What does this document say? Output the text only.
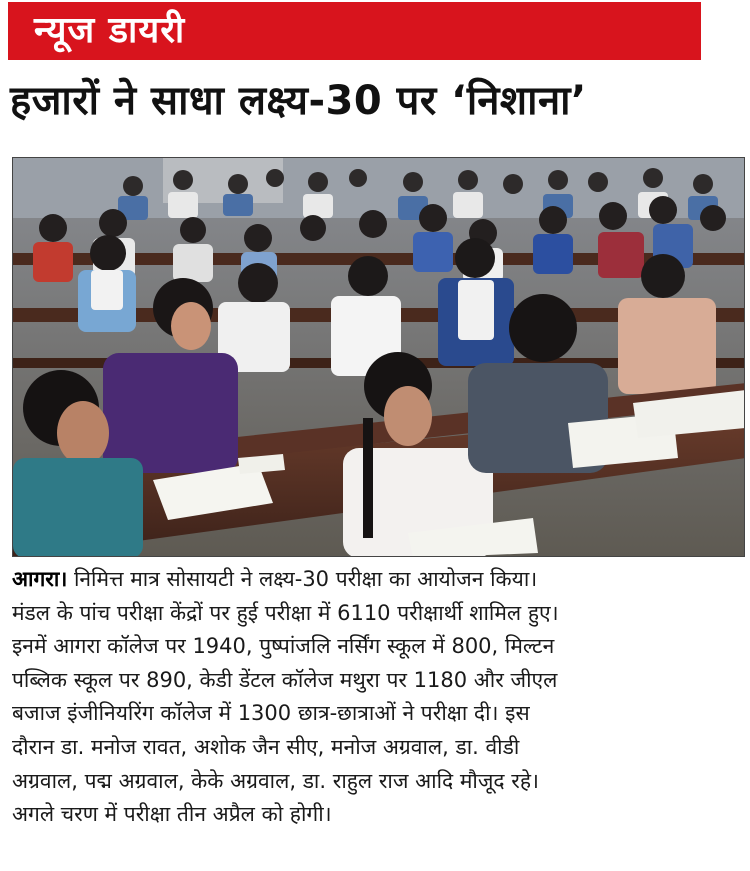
न्यूज डायरी
हजारों ने साधा लक्ष्य-30 पर ‘निशाना’
आगरा। निमित्त मात्र सोसायटी ने लक्ष्य-30 परीक्षा का आयोजन किया।
मंडल के पांच परीक्षा केंद्रों पर हुई परीक्षा में 6110 परीक्षार्थी शामिल हुए।
इनमें आगरा कॉलेज पर 1940, पुष्पांजलि नर्सिंग स्कूल में 800, मिल्टन
पब्लिक स्कूल पर 890, केडी डेंटल कॉलेज मथुरा पर 1180 और जीएल
बजाज इंजीनियरिंग कॉलेज में 1300 छात्र-छात्राओं ने परीक्षा दी। इस
दौरान डा. मनोज रावत, अशोक जैन सीए, मनोज अग्रवाल, डा. वीडी
अग्रवाल, पद्म अग्रवाल, केके अग्रवाल, डा. राहुल राज आदि मौजूद रहे।
अगले चरण में परीक्षा तीन अप्रैल को होगी।
